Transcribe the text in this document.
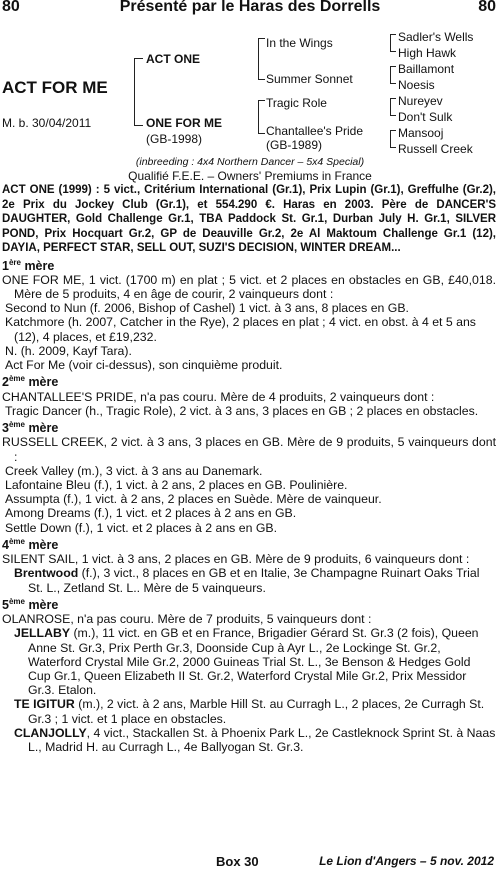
80	Présenté par le Haras des Dorrells	80
ACT FOR ME
M. b. 30/04/2011
ACT ONE
ONE FOR ME
(GB-1998)
In the Wings
Summer Sonnet
Tragic Role
Chantallee's Pride
(GB-1989)
Sadler's Wells
High Hawk
Baillamont
Noesis
Nureyev
Don't Sulk
Mansooj
Russell Creek
(inbreeding : 4x4 Northern Dancer – 5x4 Special)
Qualifié F.E.E. – Owners' Premiums in France

ACT ONE (1999) : 5 vict., Critérium International (Gr.1), Prix Lupin (Gr.1), Greffulhe (Gr.2), 2e Prix du Jockey Club (Gr.1), et 554.290 €. Haras en 2003. Père de DANCER'S DAUGHTER, Gold Challenge Gr.1, TBA Paddock St. Gr.1, Durban July H. Gr.1, SILVER POND, Prix Hocquart Gr.2, GP de Deauville Gr.2, 2e Al Maktoum Challenge Gr.1 (12), DAYIA, PERFECT STAR, SELL OUT, SUZI'S DECISION, WINTER DREAM...

1ère mère

ONE FOR ME, 1 vict. (1700 m) en plat ; 5 vict. et 2 places en obstacles en GB, £40,018. Mère de 5 produits, 4 en âge de courir, 2 vainqueurs dont :

Second to Nun (f. 2006, Bishop of Cashel) 1 vict. à 3 ans, 8 places en GB.

Katchmore (h. 2007, Catcher in the Rye), 2 places en plat ; 4 vict. en obst. à 4 et 5 ans (12), 4 places, et £19,232.

N. (h. 2009, Kayf Tara).

Act For Me (voir ci-dessus), son cinquième produit.

2ème mère

CHANTALLEE'S PRIDE, n'a pas couru. Mère de 4 produits, 2 vainqueurs dont :

Tragic Dancer (h., Tragic Role), 2 vict. à 3 ans, 3 places en GB ; 2 places en obstacles.

3ème mère

RUSSELL CREEK, 2 vict. à 3 ans, 3 places en GB. Mère de 9 produits, 5 vainqueurs dont :

Creek Valley (m.), 3 vict. à 3 ans au Danemark.

Lafontaine Bleu (f.), 1 vict. à 2 ans, 2 places en GB. Poulinière.

Assumpta (f.), 1 vict. à 2 ans, 2 places en Suède. Mère de vainqueur.

Among Dreams (f.), 1 vict. et 2 places à 2 ans en GB.

Settle Down (f.), 1 vict. et 2 places à 2 ans en GB.

4ème mère

SILENT SAIL, 1 vict. à 3 ans, 2 places en GB. Mère de 9 produits, 6 vainqueurs dont :

Brentwood (f.), 3 vict., 8 places en GB et en Italie, 3e Champagne Ruinart Oaks Trial St. L., Zetland St. L.. Mère de 5 vainqueurs.

5ème mère

OLANROSE, n'a pas couru. Mère de 7 produits, 5 vainqueurs dont :

JELLABY (m.), 11 vict. en GB et en France, Brigadier Gérard St. Gr.3 (2 fois), Queen Anne St. Gr.3, Prix Perth Gr.3, Doonside Cup à Ayr L., 2e Lockinge St. Gr.2, Waterford Crystal Mile Gr.2, 2000 Guineas Trial St. L., 3e Benson & Hedges Gold Cup Gr.1, Queen Elizabeth II St. Gr.2, Waterford Crystal Mile Gr.2, Prix Messidor Gr.3. Etalon.

TE IGITUR (m.), 2 vict. à 2 ans, Marble Hill St. au Curragh L., 2 places, 2e Curragh St. Gr.3 ; 1 vict. et 1 place en obstacles.

CLANJOLLY, 4 vict., Stackallen St. à Phoenix Park L., 2e Castleknock Sprint St. à Naas L., Madrid H. au Curragh L., 4e Ballyogan St. Gr.3.

Box 30	Le Lion d'Angers – 5 nov. 2012
